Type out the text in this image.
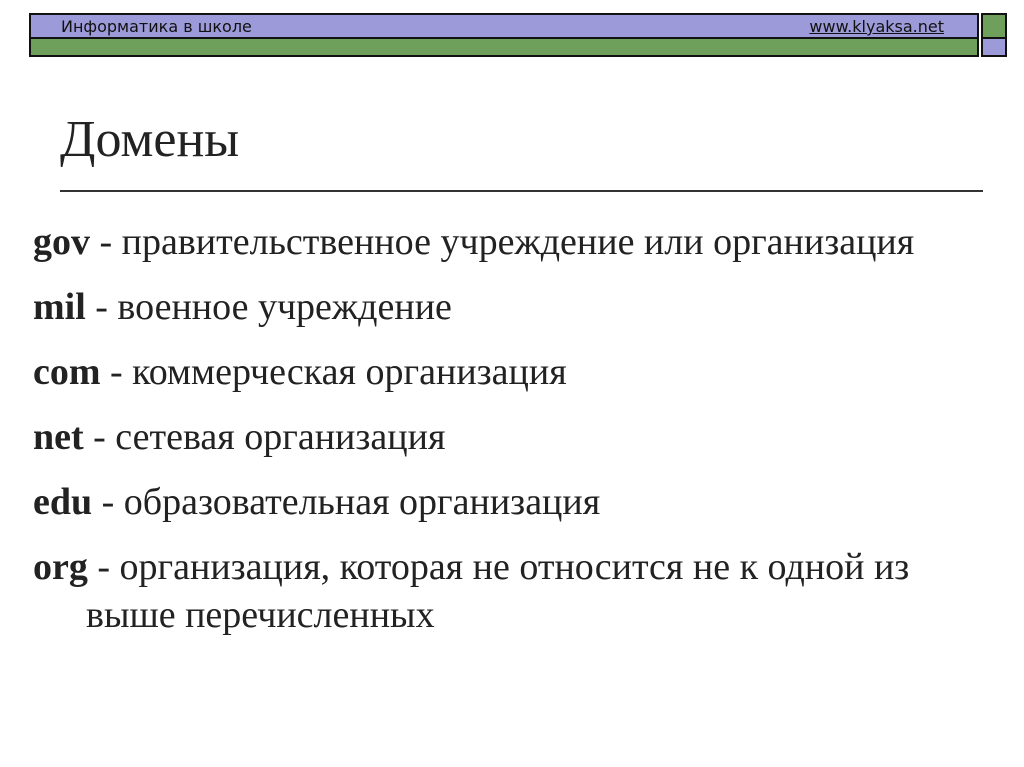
Информатика в школе	www.klyaksa.net
Домены
gov - правительственное учреждение или организация
mil - военное учреждение
com - коммерческая организация
net - сетевая организация
edu - образовательная организация
org - организация, которая не относится не к одной из выше перечисленных
